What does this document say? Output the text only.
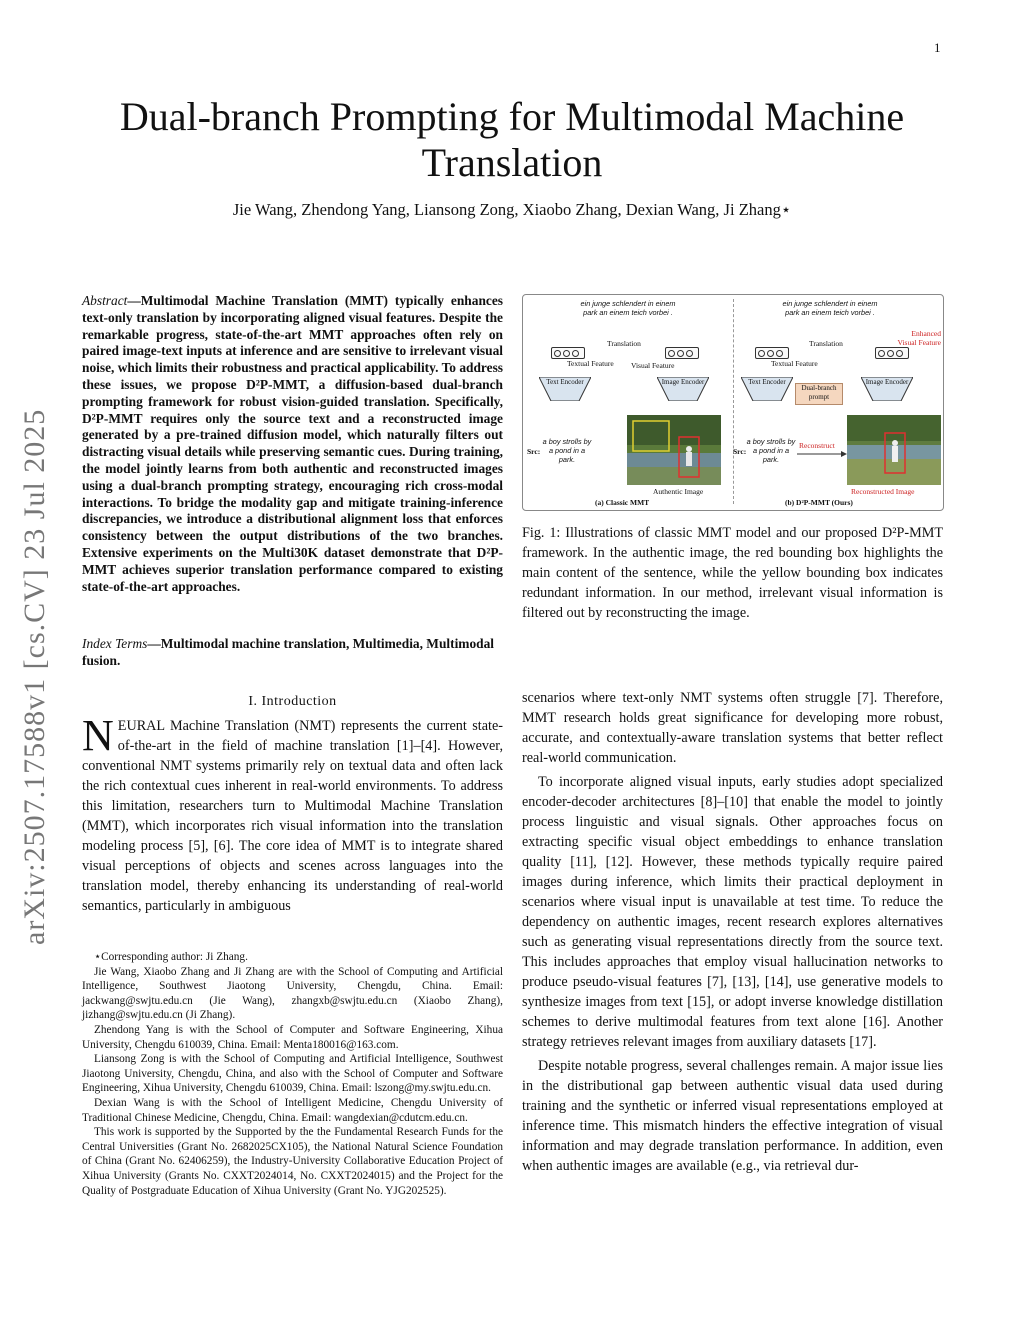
1
arXiv:2507.17588v1 [cs.CV] 23 Jul 2025
Dual-branch Prompting for Multimodal Machine Translation
Jie Wang, Zhendong Yang, Liansong Zong, Xiaobo Zhang, Dexian Wang, Ji Zhang⋆
Abstract—Multimodal Machine Translation (MMT) typically enhances text-only translation by incorporating aligned visual features. Despite the remarkable progress, state-of-the-art MMT approaches often rely on paired image-text inputs at inference and are sensitive to irrelevant visual noise, which limits their robustness and practical applicability. To address these issues, we propose D²P-MMT, a diffusion-based dual-branch prompting framework for robust vision-guided translation. Specifically, D²P-MMT requires only the source text and a reconstructed image generated by a pre-trained diffusion model, which naturally filters out distracting visual details while preserving semantic cues. During training, the model jointly learns from both authentic and reconstructed images using a dual-branch prompting strategy, encouraging rich cross-modal interactions. To bridge the modality gap and mitigate training-inference discrepancies, we introduce a distributional alignment loss that enforces consistency between the output distributions of the two branches. Extensive experiments on the Multi30K dataset demonstrate that D²P-MMT achieves superior translation performance compared to existing state-of-the-art approaches.
Index Terms—Multimodal machine translation, Multimedia, Multimodal fusion.
I. Introduction
NEURAL Machine Translation (NMT) represents the current state-of-the-art in the field of machine translation [1]–[4]. However, conventional NMT systems primarily rely on textual data and often lack the rich contextual cues inherent in real-world environments. To address this limitation, researchers turn to Multimodal Machine Translation (MMT), which incorporates rich visual information into the translation modeling process [5], [6]. The core idea of MMT is to integrate shared visual perceptions of objects and scenes across languages into the translation model, thereby enhancing its understanding of real-world semantics, particularly in ambiguous

⋆Corresponding author: Ji Zhang.

Jie Wang, Xiaobo Zhang and Ji Zhang are with the School of Computing and Artificial Intelligence, Southwest Jiaotong University, Chengdu, China. Email: jackwang@swjtu.edu.cn (Jie Wang), zhangxb@swjtu.edu.cn (Xiaobo Zhang), jizhang@swjtu.edu.cn (Ji Zhang).

Zhendong Yang is with the School of Computer and Software Engineering, Xihua University, Chengdu 610039, China. Email: Menta180016@163.com.

Liansong Zong is with the School of Computing and Artificial Intelligence, Southwest Jiaotong University, Chengdu, China, and also with the School of Computer and Software Engineering, Xihua University, Chengdu 610039, China. Email: lszong@my.swjtu.edu.cn.

Dexian Wang is with the School of Intelligent Medicine, Chengdu University of Traditional Chinese Medicine, Chengdu, China. Email: wangdexian@cdutcm.edu.cn.

This work is supported by the Supported by the the Fundamental Research Funds for the Central Universities (Grant No. 2682025CX105), the National Natural Science Foundation of China (Grant No. 62406259), the Industry-University Collaborative Education Project of Xihua University (Grants No. CXXT2024014, No. CXXT2024015) and the Project for the Quality of Postgraduate Education of Xihua University (Grant No. YJG202525).

ein junge schlendert in einem park an einem teich vorbei .
Translation
Textual Feature Visual Feature
Text Encoder	Image Encoder
Src:
a boy strolls by a pond in a park.
Authentic Image
(a) Classic MMT
ein junge schlendert in einem park an einem teich vorbei .
Translation
Enhanced Visual Feature
Textual Feature
Text Encoder
Dual-branch prompt
Image Encoder
Src:
a boy strolls by a pond in a park.
Reconstruct
Reconstructed Image
(b) D²P-MMT (Ours)
Fig. 1: Illustrations of classic MMT model and our proposed D²P-MMT framework. In the authentic image, the red bounding box highlights the main content of the sentence, while the yellow bounding box indicates redundant information. In our method, irrelevant visual information is filtered out by reconstructing the image.

scenarios where text-only NMT systems often struggle [7]. Therefore, MMT research holds great significance for developing more robust, accurate, and contextually-aware translation systems that better reflect real-world communication.

To incorporate aligned visual inputs, early studies adopt specialized encoder-decoder architectures [8]–[10] that enable the model to jointly process linguistic and visual signals. Other approaches focus on extracting specific visual object embeddings to enhance translation quality [11], [12]. However, these methods typically require paired images during inference, which limits their practical deployment in scenarios where visual input is unavailable at test time. To reduce the dependency on authentic images, recent research explores alternatives such as generating visual representations directly from the source text. This includes approaches that employ visual hallucination networks to produce pseudo-visual features [7], [13], [14], use generative models to synthesize images from text [15], or adopt inverse knowledge distillation schemes to derive multimodal features from text alone [16]. Another strategy retrieves relevant images from auxiliary datasets [17].

Despite notable progress, several challenges remain. A major issue lies in the distributional gap between authentic visual data used during training and the synthetic or inferred visual representations employed at inference time. This mismatch hinders the effective integration of visual information and may degrade translation performance. In addition, even when authentic images are available (e.g., via retrieval dur-
